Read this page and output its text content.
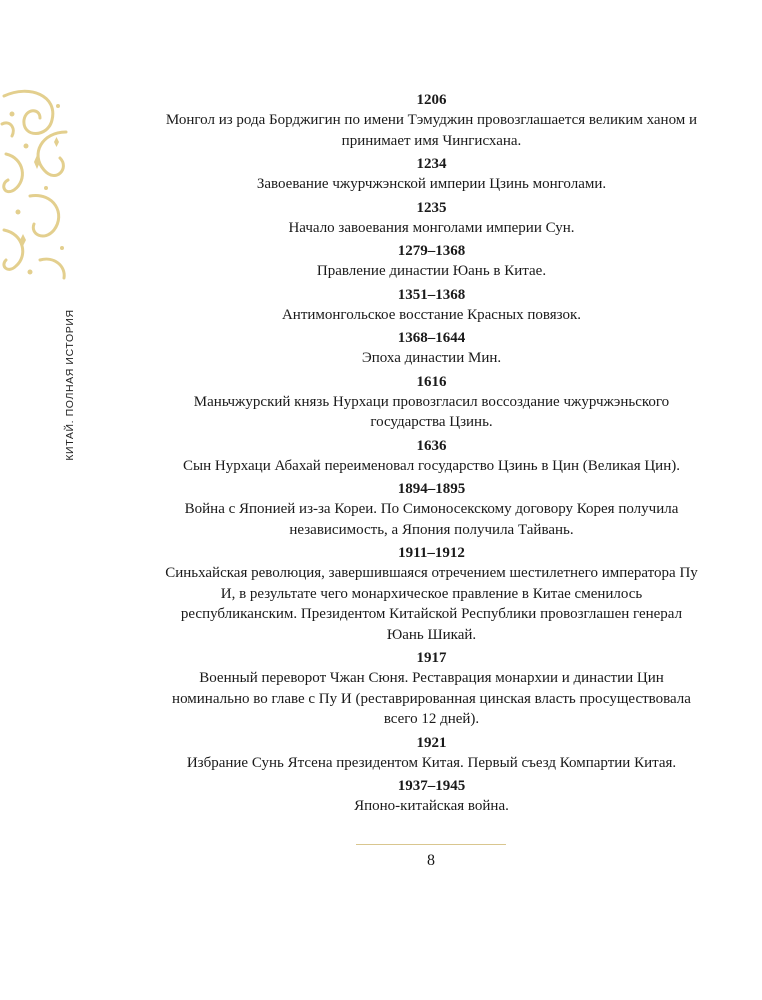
КИТАЙ. ПОЛНАЯ ИСТОРИЯ
1206
Монгол из рода Борджигин по имени Тэмуджин провозглашается великим ханом и принимает имя Чингисхана.
1234
Завоевание чжурчжэнской империи Цзинь монголами.
1235
Начало завоевания монголами империи Сун.
1279–1368
Правление династии Юань в Китае.
1351–1368
Антимонгольское восстание Красных повязок.
1368–1644
Эпоха династии Мин.
1616
Маньчжурский князь Нурхаци провозгласил воссоздание чжурчжэньского государства Цзинь.
1636
Сын Нурхаци Абахай переименовал государство Цзинь в Цин (Великая Цин).
1894–1895
Война с Японией из-за Кореи. По Симоносекскому договору Корея получила независимость, а Япония получила Тайвань.
1911–1912
Синьхайская революция, завершившаяся отречением шестилетнего императора Пу И, в результате чего монархическое правление в Китае сменилось республиканским. Президентом Китайской Республики провозглашен генерал Юань Шикай.
1917
Военный переворот Чжан Сюня. Реставрация монархии и династии Цин номинально во главе с Пу И (реставрированная цинская власть просуществовала всего 12 дней).
1921
Избрание Сунь Ятсена президентом Китая. Первый съезд Компартии Китая.
1937–1945
Японо-китайская война.
8
